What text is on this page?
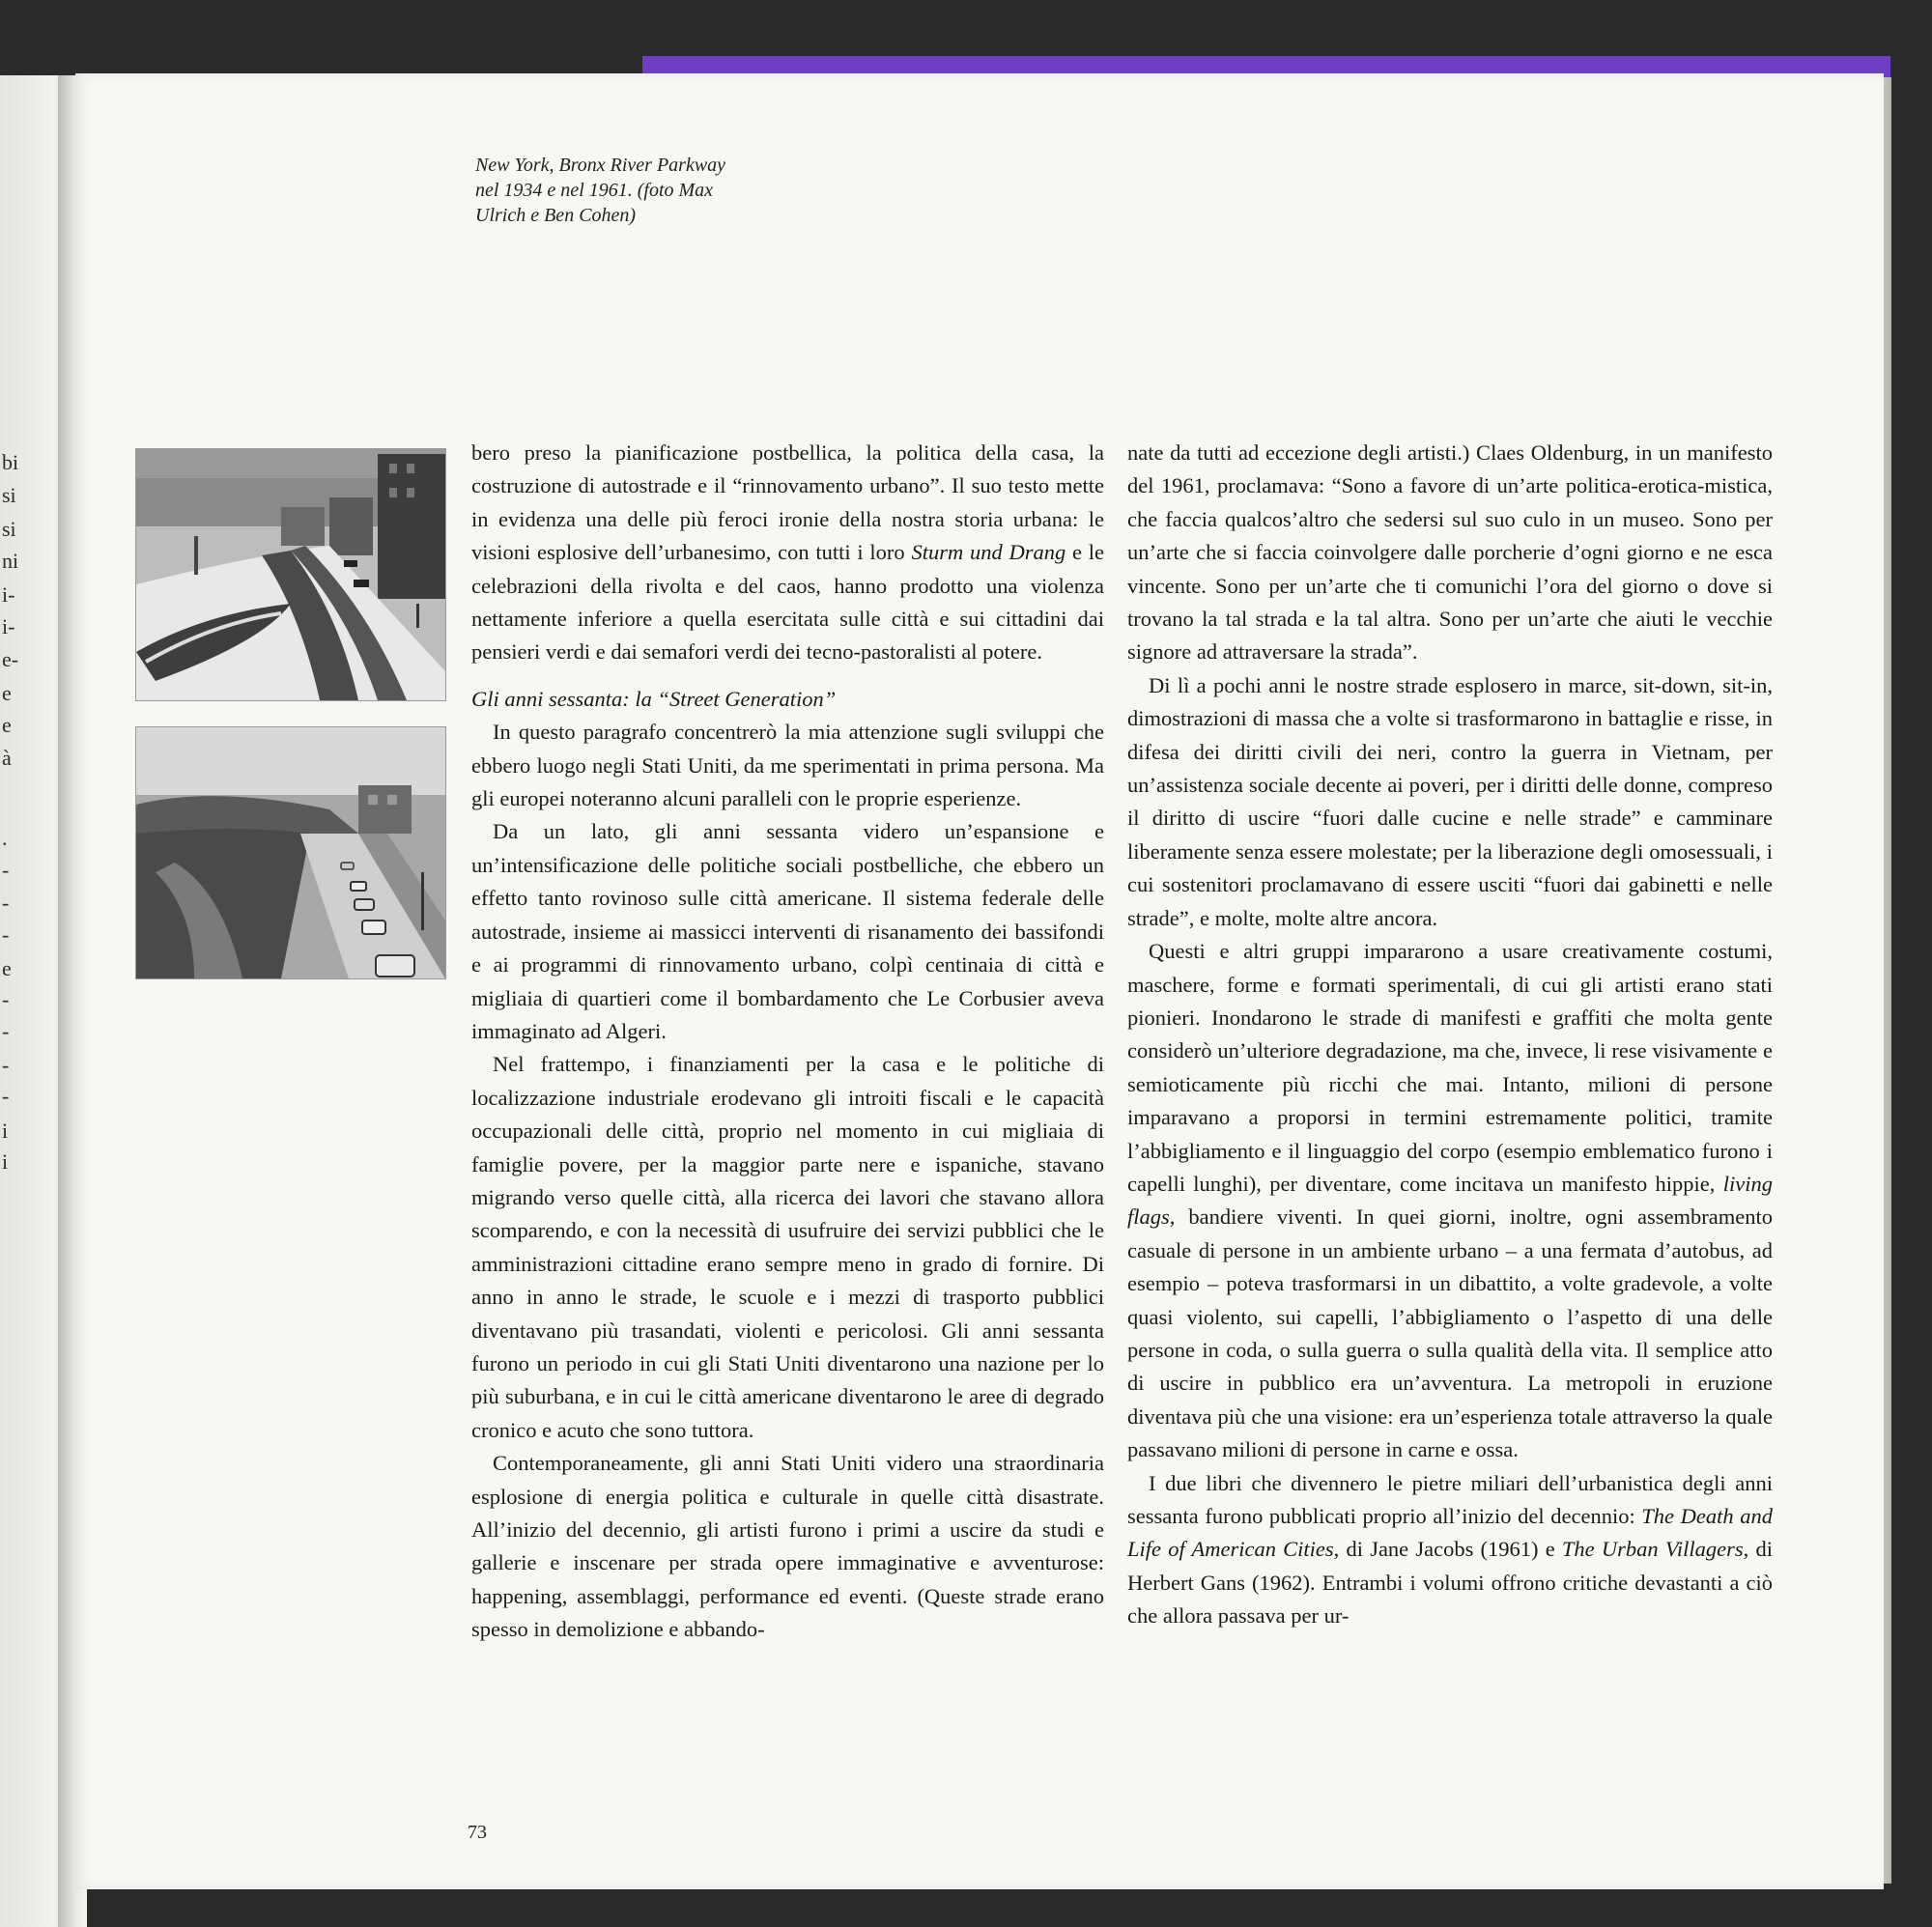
bi
si
si
ni
i-
i-
e-
e
e
à
.
-
-
-
e
-
-
-
-
i
i
New York, Bronx River Parkway
nel 1934 e nel 1961. (foto Max
Ulrich e Ben Cohen)

bero preso la pianificazione postbellica, la politica della casa, la costruzione di autostrade e il “rinnovamento urbano”. Il suo testo mette in evidenza una delle più feroci ironie della nostra storia urbana: le visioni esplosive dell’urbanesimo, con tutti i loro Sturm und Drang e le celebrazioni della rivolta e del caos, hanno prodotto una violenza nettamente inferiore a quella esercitata sulle città e sui cittadini dai pensieri verdi e dai semafori verdi dei tecno-pastoralisti al potere.

Gli anni sessanta: la “Street Generation”

In questo paragrafo concentrerò la mia attenzione sugli sviluppi che ebbero luogo negli Stati Uniti, da me sperimentati in prima persona. Ma gli europei noteranno alcuni paralleli con le proprie esperienze.

Da un lato, gli anni sessanta videro un’espansione e un’intensificazione delle politiche sociali postbelliche, che ebbero un effetto tanto rovinoso sulle città americane. Il sistema federale delle autostrade, insieme ai massicci interventi di risanamento dei bassifondi e ai programmi di rinnovamento urbano, colpì centinaia di città e migliaia di quartieri come il bombardamento che Le Corbusier aveva immaginato ad Algeri.

Nel frattempo, i finanziamenti per la casa e le politiche di localizzazione industriale erodevano gli introiti fiscali e le capacità occupazionali delle città, proprio nel momento in cui migliaia di famiglie povere, per la maggior parte nere e ispaniche, stavano migrando verso quelle città, alla ricerca dei lavori che stavano allora scomparendo, e con la necessità di usufruire dei servizi pubblici che le amministrazioni cittadine erano sempre meno in grado di fornire. Di anno in anno le strade, le scuole e i mezzi di trasporto pubblici diventavano più trasandati, violenti e pericolosi. Gli anni sessanta furono un periodo in cui gli Stati Uniti diventarono una nazione per lo più suburbana, e in cui le città americane diventarono le aree di degrado cronico e acuto che sono tuttora.

Contemporaneamente, gli anni Stati Uniti videro una straordinaria esplosione di energia politica e culturale in quelle città disastrate. All’inizio del decennio, gli artisti furono i primi a uscire da studi e gallerie e inscenare per strada opere immaginative e avventurose: happening, assemblaggi, performance ed eventi. (Queste strade erano spesso in demolizione e abbando-

nate da tutti ad eccezione degli artisti.) Claes Oldenburg, in un manifesto del 1961, proclamava: “Sono a favore di un’arte politica-erotica-mistica, che faccia qualcos’altro che sedersi sul suo culo in un museo. Sono per un’arte che si faccia coinvolgere dalle porcherie d’ogni giorno e ne esca vincente. Sono per un’arte che ti comunichi l’ora del giorno o dove si trovano la tal strada e la tal altra. Sono per un’arte che aiuti le vecchie signore ad attraversare la strada”.

Di lì a pochi anni le nostre strade esplosero in marce, sit-down, sit-in, dimostrazioni di massa che a volte si trasformarono in battaglie e risse, in difesa dei diritti civili dei neri, contro la guerra in Vietnam, per un’assistenza sociale decente ai poveri, per i diritti delle donne, compreso il diritto di uscire “fuori dalle cucine e nelle strade” e camminare liberamente senza essere molestate; per la liberazione degli omosessuali, i cui sostenitori proclamavano di essere usciti “fuori dai gabinetti e nelle strade”, e molte, molte altre ancora.

Questi e altri gruppi impararono a usare creativamente costumi, maschere, forme e formati sperimentali, di cui gli artisti erano stati pionieri. Inondarono le strade di manifesti e graffiti che molta gente considerò un’ulteriore degradazione, ma che, invece, li rese visivamente e semioticamente più ricchi che mai. Intanto, milioni di persone imparavano a proporsi in termini estremamente politici, tramite l’abbigliamento e il linguaggio del corpo (esempio emblematico furono i capelli lunghi), per diventare, come incitava un manifesto hippie, living flags, bandiere viventi. In quei giorni, inoltre, ogni assembramento casuale di persone in un ambiente urbano – a una fermata d’autobus, ad esempio – poteva trasformarsi in un dibattito, a volte gradevole, a volte quasi violento, sui capelli, l’abbigliamento o l’aspetto di una delle persone in coda, o sulla guerra o sulla qualità della vita. Il semplice atto di uscire in pubblico era un’avventura. La metropoli in eruzione diventava più che una visione: era un’esperienza totale attraverso la quale passavano milioni di persone in carne e ossa.

I due libri che divennero le pietre miliari dell’urbanistica degli anni sessanta furono pubblicati proprio all’inizio del decennio: The Death and Life of American Cities, di Jane Jacobs (1961) e The Urban Villagers, di Herbert Gans (1962). Entrambi i volumi offrono critiche devastanti a ciò che allora passava per ur-

73
